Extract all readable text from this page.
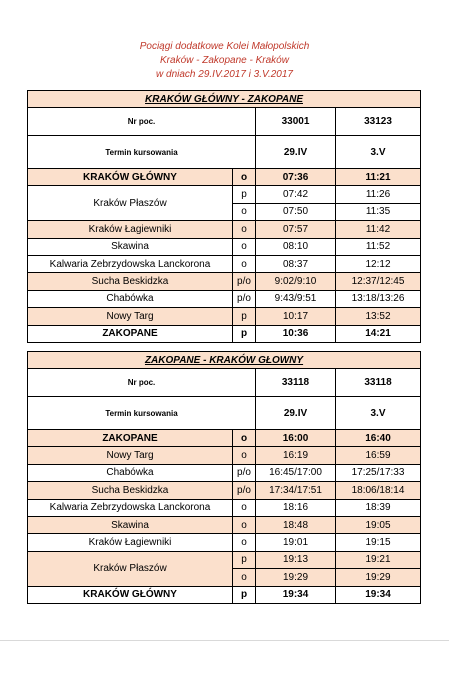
Pociągi dodatkowe Kolei Małopolskich
Kraków - Zakopane - Kraków
w dniach 29.IV.2017 i 3.V.2017
KRAKÓW GŁÓWNY - ZAKOPANE			
Nr poc.		33001	33123
Termin kursowania		29.IV	3.V
KRAKÓW GŁÓWNY	o	07:36	11:21
Kraków Płaszów	p	07:42	11:26
	o	07:50	11:35
Kraków Łagiewniki	o	07:57	11:42
Skawina	o	08:10	11:52
Kalwaria Zebrzydowska Lanckorona	o	08:37	12:12
Sucha Beskidzka	p/o	9:02/9:10	12:37/12:45
Chabówka	p/o	9:43/9:51	13:18/13:26
Nowy Targ	p	10:17	13:52
ZAKOPANE	p	10:36	14:21
ZAKOPANE - KRAKÓW GŁOWNY			
Nr poc.		33118	33118
Termin kursowania		29.IV	3.V
ZAKOPANE	o	16:00	16:40
Nowy Targ	o	16:19	16:59
Chabówka	p/o	16:45/17:00	17:25/17:33
Sucha Beskidzka	p/o	17:34/17:51	18:06/18:14
Kalwaria Zebrzydowska Lanckorona	o	18:16	18:39
Skawina	o	18:48	19:05
Kraków Łagiewniki	o	19:01	19:15
Kraków Płaszów	p	19:13	19:21
	o	19:29	19:29
KRAKÓW GŁÓWNY	p	19:34	19:34
